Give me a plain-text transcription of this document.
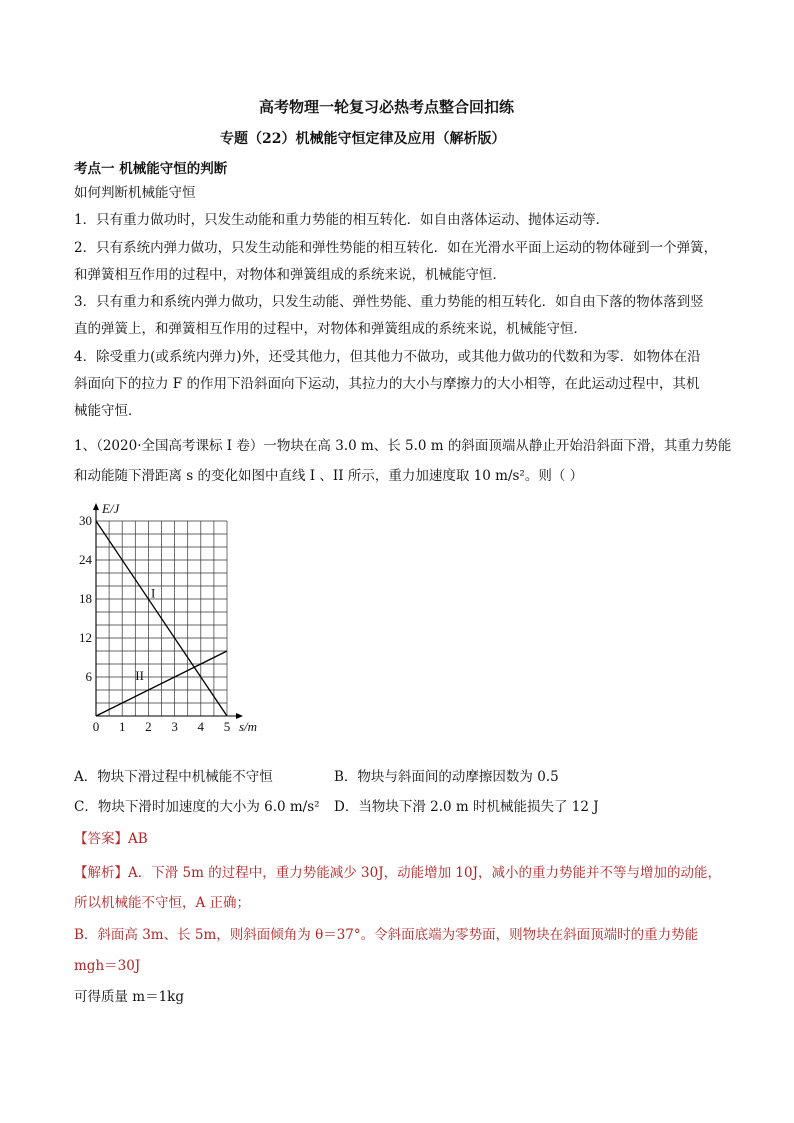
高考物理一轮复习必热考点整合回扣练
专题（22）机械能守恒定律及应用（解析版）
考点一 机械能守恒的判断
如何判断机械能守恒
1．只有重力做功时，只发生动能和重力势能的相互转化．如自由落体运动、抛体运动等．
2．只有系统内弹力做功，只发生动能和弹性势能的相互转化．如在光滑水平面上运动的物体碰到一个弹簧，
和弹簧相互作用的过程中，对物体和弹簧组成的系统来说，机械能守恒．
3．只有重力和系统内弹力做功，只发生动能、弹性势能、重力势能的相互转化．如自由下落的物体落到竖
直的弹簧上，和弹簧相互作用的过程中，对物体和弹簧组成的系统来说，机械能守恒．
4．除受重力(或系统内弹力)外，还受其他力，但其他力不做功，或其他力做功的代数和为零．如物体在沿
斜面向下的拉力 F 的作用下沿斜面向下运动，其拉力的大小与摩擦力的大小相等，在此运动过程中，其机
械能守恒．
1、（2020·全国高考课标 I 卷）一物块在高 3.0 m、长 5.0 m 的斜面顶端从静止开始沿斜面下滑，其重力势能
和动能随下滑距离 s 的变化如图中直线 I 、II 所示，重力加速度取 10 m/s²。则（ ）
0 1 2 3 4 5
6
12
18
24
30
s/m
E/J
I
II
A．物块下滑过程中机械能不守恒	B．物块与斜面间的动摩擦因数为 0.5
C．物块下滑时加速度的大小为 6.0 m/s² D．当物块下滑 2.0 m 时机械能损失了 12 J
【答案】AB
【解析】A．下滑 5m 的过程中，重力势能减少 30J，动能增加 10J，减小的重力势能并不等与增加的动能，
所以机械能不守恒，A 正确；
B．斜面高 3m、长 5m，则斜面倾角为 θ＝37°。令斜面底端为零势面，则物块在斜面顶端时的重力势能
mgh＝30J
可得质量 m＝1kg
